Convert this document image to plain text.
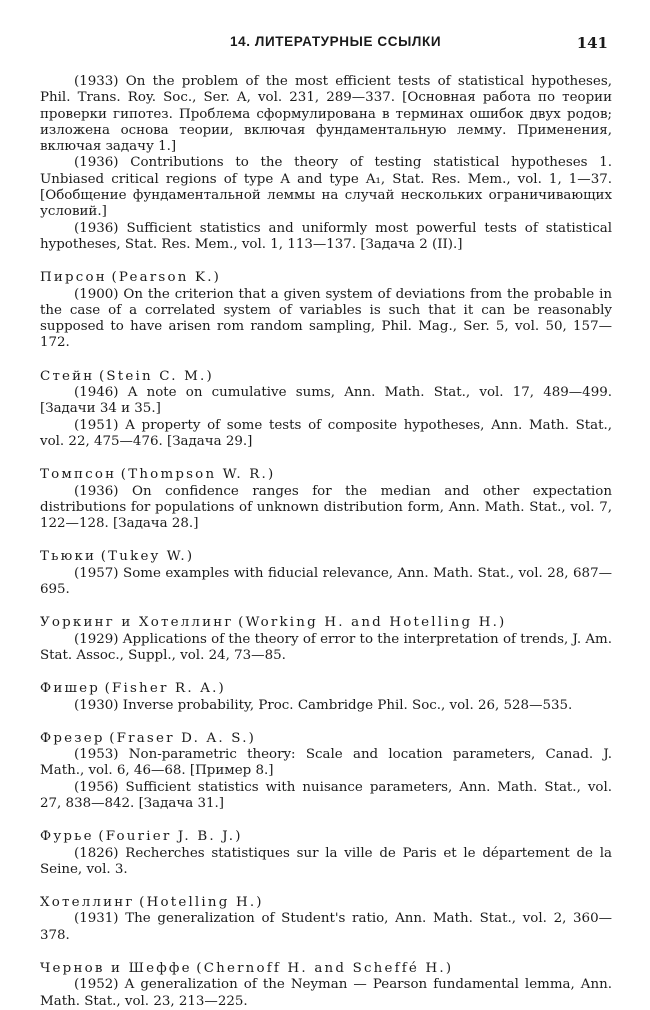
14. ЛИТЕРАТУРНЫЕ ССЫЛКИ	141

(1933) On the problem of the most efficient tests of statistical hypotheses, Phil. Trans. Roy. Soc., Ser. A, vol. 231, 289—337. [Основная работа по теории проверки гипотез. Проблема сформулирована в терминах ошибок двух родов; изложена основа теории, включая фундаментальную лемму. Применения, включая задачу 1.]

(1936) Contributions to the theory of testing statistical hypotheses 1. Unbiased critical regions of type A and type A₁, Stat. Res. Mem., vol. 1, 1—37. [Обобщение фундаментальной леммы на случай нескольких ограничивающих условий.]

(1936) Sufficient statistics and uniformly most powerful tests of statistical hypotheses, Stat. Res. Mem., vol. 1, 113—137. [Задача 2 (II).]

Пирсон (Pearson K.)

(1900) On the criterion that a given system of deviations from the probable in the case of a correlated system of variables is such that it can be reasonably supposed to have arisen rom random sampling, Phil. Mag., Ser. 5, vol. 50, 157—172.

Стейн (Stein C. M.)

(1946) A note on cumulative sums, Ann. Math. Stat., vol. 17, 489—499. [Задачи 34 и 35.]

(1951) A property of some tests of composite hypotheses, Ann. Math. Stat., vol. 22, 475—476. [Задача 29.]

Томпсон (Thompson W. R.)

(1936) On confidence ranges for the median and other expectation distributions for populations of unknown distribution form, Ann. Math. Stat., vol. 7, 122—128. [Задача 28.]

Тьюки (Tukey W.)

(1957) Some examples with fiducial relevance, Ann. Math. Stat., vol. 28, 687—695.

Уоркинг и Хотеллинг (Working H. and Hotelling H.)

(1929) Applications of the theory of error to the interpretation of trends, J. Am. Stat. Assoc., Suppl., vol. 24, 73—85.

Фишер (Fisher R. A.)

(1930) Inverse probability, Proc. Cambridge Phil. Soc., vol. 26, 528—535.

Фрезер (Fraser D. A. S.)

(1953) Non-parametric theory: Scale and location parameters, Canad. J. Math., vol. 6, 46—68. [Пример 8.]

(1956) Sufficient statistics with nuisance parameters, Ann. Math. Stat., vol. 27, 838—842. [Задача 31.]

Фурье (Fourier J. B. J.)

(1826) Recherches statistiques sur la ville de Paris et le département de la Seine, vol. 3.

Хотеллинг (Hotelling H.)

(1931) The generalization of Student's ratio, Ann. Math. Stat., vol. 2, 360—378.

Чернов и Шеффе (Chernoff H. and Scheffé H.)

(1952) A generalization of the Neyman — Pearson fundamental lemma, Ann. Math. Stat., vol. 23, 213—225.
